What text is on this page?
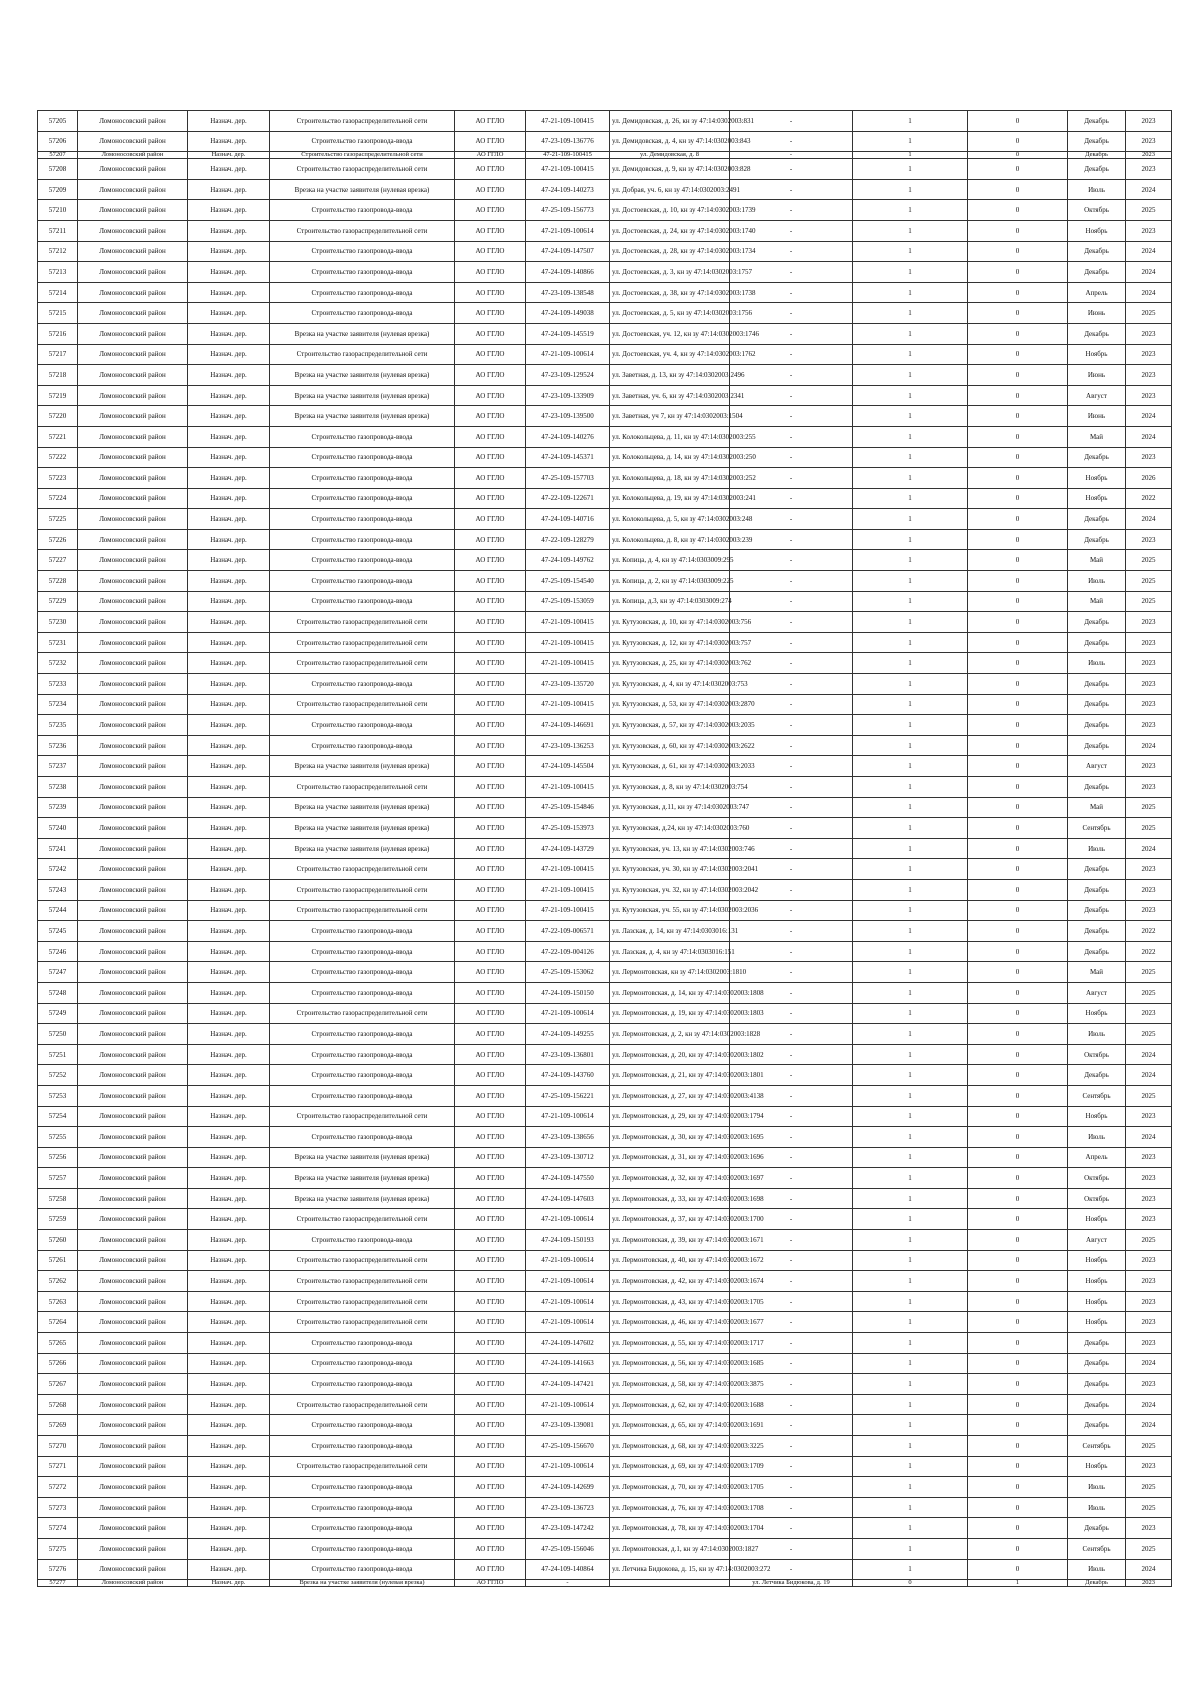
57205	Ломоносовский район	Назнач. дер.	Строительство газораспределительной сети	АО ГГЛО	47-21-109-100415	ул. Демидовская, д. 26, кн зу 47:14:0302003:831	-	1	0	Декабрь	2023
57206	Ломоносовский район	Назнач. дер.	Строительство газопровода-ввода	АО ГГЛО	47-23-109-136776	ул. Демидовская, д. 4, кн зу 47:14:0302003:843	-	1	0	Декабрь	2023
57207	Ломоносовский район	Назнач. дер.	Строительство газораспределительной сети	АО ГГЛО	47-21-109-100415	ул. Демидовская, д. 8	-	1	0	Декабрь	2023
57208	Ломоносовский район	Назнач. дер.	Строительство газораспределительной сети	АО ГГЛО	47-21-109-100415	ул. Демидовская, д. 9, кн зу 47:14:0302003:828	-	1	0	Декабрь	2023
57209	Ломоносовский район	Назнач. дер.	Врезка на участке заявителя (нулевая врезка)	АО ГГЛО	47-24-109-140273	ул. Добрая, уч. 6, кн зу 47:14:0302003:2491	-	1	0	Июль	2024
57210	Ломоносовский район	Назнач. дер.	Строительство газопровода-ввода	АО ГГЛО	47-25-109-156773	ул. Достоевская, д. 10, кн зу 47:14:0302003:1739	-	1	0	Октябрь	2025
57211	Ломоносовский район	Назнач. дер.	Строительство газораспределительной сети	АО ГГЛО	47-21-109-100614	ул. Достоевская, д. 24, кн зу 47:14:0302003:1740	-	1	0	Ноябрь	2023
57212	Ломоносовский район	Назнач. дер.	Строительство газопровода-ввода	АО ГГЛО	47-24-109-147507	ул. Достоевская, д. 28, кн зу 47:14:0302003:1734	-	1	0	Декабрь	2024
57213	Ломоносовский район	Назнач. дер.	Строительство газопровода-ввода	АО ГГЛО	47-24-109-140866	ул. Достоевская, д. 3, кн зу 47:14:0302003:1757	-	1	0	Декабрь	2024
57214	Ломоносовский район	Назнач. дер.	Строительство газопровода-ввода	АО ГГЛО	47-23-109-138548	ул. Достоевская, д. 38, кн зу 47:14:0302003:1738	-	1	0	Апрель	2024
57215	Ломоносовский район	Назнач. дер.	Строительство газопровода-ввода	АО ГГЛО	47-24-109-149038	ул. Достоевская, д. 5, кн зу 47:14:0302003:1756	-	1	0	Июнь	2025
57216	Ломоносовский район	Назнач. дер.	Врезка на участке заявителя (нулевая врезка)	АО ГГЛО	47-24-109-145519	ул. Достоевская, уч. 12, кн зу 47:14:0302003:1746	-	1	0	Декабрь	2023
57217	Ломоносовский район	Назнач. дер.	Строительство газораспределительной сети	АО ГГЛО	47-21-109-100614	ул. Достоевская, уч. 4, кн зу 47:14:0302003:1762	-	1	0	Ноябрь	2023
57218	Ломоносовский район	Назнач. дер.	Врезка на участке заявителя (нулевая врезка)	АО ГГЛО	47-23-109-129524	ул. Заветная, д. 13, кн зу 47:14:0302003:2496	-	1	0	Июнь	2023
57219	Ломоносовский район	Назнач. дер.	Врезка на участке заявителя (нулевая врезка)	АО ГГЛО	47-23-109-133909	ул. Заветная, уч. 6, кн зу 47:14:0302003:2341	-	1	0	Август	2023
57220	Ломоносовский район	Назнач. дер.	Врезка на участке заявителя (нулевая врезка)	АО ГГЛО	47-23-109-139500	ул. Заветная, уч 7, кн зу 47:14:0302003:1504	-	1	0	Июнь	2024
57221	Ломоносовский район	Назнач. дер.	Строительство газопровода-ввода	АО ГГЛО	47-24-109-140276	ул. Колокольцева, д. 11, кн зу 47:14:0302003:255	-	1	0	Май	2024
57222	Ломоносовский район	Назнач. дер.	Строительство газопровода-ввода	АО ГГЛО	47-24-109-145371	ул. Колокольцева, д. 14, кн зу 47:14:0302003:250	-	1	0	Декабрь	2023
57223	Ломоносовский район	Назнач. дер.	Строительство газопровода-ввода	АО ГГЛО	47-25-109-157703	ул. Колокольцева, д. 18, кн зу 47:14:0302003:252	-	1	0	Ноябрь	2026
57224	Ломоносовский район	Назнач. дер.	Строительство газопровода-ввода	АО ГГЛО	47-22-109-122671	ул. Колокольцева, д. 19, кн зу 47:14:0302003:241	-	1	0	Ноябрь	2022
57225	Ломоносовский район	Назнач. дер.	Строительство газопровода-ввода	АО ГГЛО	47-24-109-140716	ул. Колокольцева, д. 5, кн зу 47:14:0302003:248	-	1	0	Декабрь	2024
57226	Ломоносовский район	Назнач. дер.	Строительство газопровода-ввода	АО ГГЛО	47-22-109-128279	ул. Колокольцева, д. 8, кн зу 47:14:0302003:239	-	1	0	Декабрь	2023
57227	Ломоносовский район	Назнач. дер.	Строительство газопровода-ввода	АО ГГЛО	47-24-109-149762	ул. Копица, д. 4, кн зу 47:14:0303009:295	-	1	0	Май	2025
57228	Ломоносовский район	Назнач. дер.	Строительство газопровода-ввода	АО ГГЛО	47-25-109-154540	ул. Копица, д. 2, кн зу 47:14:0303009:225	-	1	0	Июль	2025
57229	Ломоносовский район	Назнач. дер.	Строительство газопровода-ввода	АО ГГЛО	47-25-109-153059	ул. Копица, д.3, кн зу 47:14:0303009:274	-	1	0	Май	2025
57230	Ломоносовский район	Назнач. дер.	Строительство газораспределительной сети	АО ГГЛО	47-21-109-100415	ул. Кутузовская, д. 10, кн зу 47:14:0302003:756	-	1	0	Декабрь	2023
57231	Ломоносовский район	Назнач. дер.	Строительство газораспределительной сети	АО ГГЛО	47-21-109-100415	ул. Кутузовская, д. 12, кн зу 47:14:0302003:757	-	1	0	Декабрь	2023
57232	Ломоносовский район	Назнач. дер.	Строительство газораспределительной сети	АО ГГЛО	47-21-109-100415	ул. Кутузовская, д. 25, кн зу 47:14:0302003:762	-	1	0	Июль	2023
57233	Ломоносовский район	Назнач. дер.	Строительство газопровода-ввода	АО ГГЛО	47-23-109-135720	ул. Кутузовская, д. 4, кн зу 47:14:0302003:753	-	1	0	Декабрь	2023
57234	Ломоносовский район	Назнач. дер.	Строительство газораспределительной сети	АО ГГЛО	47-21-109-100415	ул. Кутузовская, д. 53, кн зу 47:14:0302003:2870	-	1	0	Декабрь	2023
57235	Ломоносовский район	Назнач. дер.	Строительство газопровода-ввода	АО ГГЛО	47-24-109-146691	ул. Кутузовская, д. 57, кн зу 47:14:0302003:2035	-	1	0	Декабрь	2023
57236	Ломоносовский район	Назнач. дер.	Строительство газопровода-ввода	АО ГГЛО	47-23-109-136253	ул. Кутузовская, д. 60, кн зу 47:14:0302003:2622	-	1	0	Декабрь	2024
57237	Ломоносовский район	Назнач. дер.	Врезка на участке заявителя (нулевая врезка)	АО ГГЛО	47-24-109-145504	ул. Кутузовская, д. 61, кн зу 47:14:0302003:2033	-	1	0	Август	2023
57238	Ломоносовский район	Назнач. дер.	Строительство газораспределительной сети	АО ГГЛО	47-21-109-100415	ул. Кутузовская, д. 8, кн зу 47:14:0302003:754	-	1	0	Декабрь	2023
57239	Ломоносовский район	Назнач. дер.	Врезка на участке заявителя (нулевая врезка)	АО ГГЛО	47-25-109-154846	ул. Кутузовская, д.11, кн зу 47:14:0302003:747	-	1	0	Май	2025
57240	Ломоносовский район	Назнач. дер.	Врезка на участке заявителя (нулевая врезка)	АО ГГЛО	47-25-109-153973	ул. Кутузовская, д.24, кн зу 47:14:0302003:760	-	1	0	Сентябрь	2025
57241	Ломоносовский район	Назнач. дер.	Врезка на участке заявителя (нулевая врезка)	АО ГГЛО	47-24-109-143729	ул. Кутузовская, уч. 13, кн зу 47:14:0302003:746	-	1	0	Июль	2024
57242	Ломоносовский район	Назнач. дер.	Строительство газораспределительной сети	АО ГГЛО	47-21-109-100415	ул. Кутузовская, уч. 30, кн зу 47:14:0302003:2041	-	1	0	Декабрь	2023
57243	Ломоносовский район	Назнач. дер.	Строительство газораспределительной сети	АО ГГЛО	47-21-109-100415	ул. Кутузовская, уч. 32, кн зу 47:14:0302003:2042	-	1	0	Декабрь	2023
57244	Ломоносовский район	Назнач. дер.	Строительство газораспределительной сети	АО ГГЛО	47-21-109-100415	ул. Кутузовская, уч. 55, кн зу 47:14:0302003:2036	-	1	0	Декабрь	2023
57245	Ломоносовский район	Назнач. дер.	Строительство газопровода-ввода	АО ГГЛО	47-22-109-006571	ул. Лазская, д. 14, кн зу 47:14:0303016:131	-	1	0	Декабрь	2022
57246	Ломоносовский район	Назнач. дер.	Строительство газопровода-ввода	АО ГГЛО	47-22-109-004126	ул. Лазская, д. 4, кн зу 47:14:0303016:151	-	1	0	Декабрь	2022
57247	Ломоносовский район	Назнач. дер.	Строительство газопровода-ввода	АО ГГЛО	47-25-109-153062	ул. Лермонтовская, кн зу 47:14:0302003:1810	-	1	0	Май	2025
57248	Ломоносовский район	Назнач. дер.	Строительство газопровода-ввода	АО ГГЛО	47-24-109-150150	ул. Лермонтовская, д. 14, кн зу 47:14:0302003:1808	-	1	0	Август	2025
57249	Ломоносовский район	Назнач. дер.	Строительство газораспределительной сети	АО ГГЛО	47-21-109-100614	ул. Лермонтовская, д. 19, кн зу 47:14:0302003:1803	-	1	0	Ноябрь	2023
57250	Ломоносовский район	Назнач. дер.	Строительство газопровода-ввода	АО ГГЛО	47-24-109-149255	ул. Лермонтовская, д. 2, кн зу 47:14:0302003:1828	-	1	0	Июль	2025
57251	Ломоносовский район	Назнач. дер.	Строительство газопровода-ввода	АО ГГЛО	47-23-109-136801	ул. Лермонтовская, д. 20, кн зу 47:14:0302003:1802	-	1	0	Октябрь	2024
57252	Ломоносовский район	Назнач. дер.	Строительство газопровода-ввода	АО ГГЛО	47-24-109-143760	ул. Лермонтовская, д. 21, кн зу 47:14:0302003:1801	-	1	0	Декабрь	2024
57253	Ломоносовский район	Назнач. дер.	Строительство газопровода-ввода	АО ГГЛО	47-25-109-156221	ул. Лермонтовская, д. 27, кн зу 47:14:0302003:4138	-	1	0	Сентябрь	2025
57254	Ломоносовский район	Назнач. дер.	Строительство газораспределительной сети	АО ГГЛО	47-21-109-100614	ул. Лермонтовская, д. 29, кн зу 47:14:0302003:1794	-	1	0	Ноябрь	2023
57255	Ломоносовский район	Назнач. дер.	Строительство газопровода-ввода	АО ГГЛО	47-23-109-138656	ул. Лермонтовская, д. 30, кн зу 47:14:0302003:1695	-	1	0	Июль	2024
57256	Ломоносовский район	Назнач. дер.	Врезка на участке заявителя (нулевая врезка)	АО ГГЛО	47-23-109-130712	ул. Лермонтовская, д. 31, кн зу 47:14:0302003:1696	-	1	0	Апрель	2023
57257	Ломоносовский район	Назнач. дер.	Врезка на участке заявителя (нулевая врезка)	АО ГГЛО	47-24-109-147550	ул. Лермонтовская, д. 32, кн зу 47:14:0302003:1697	-	1	0	Октябрь	2023
57258	Ломоносовский район	Назнач. дер.	Врезка на участке заявителя (нулевая врезка)	АО ГГЛО	47-24-109-147603	ул. Лермонтовская, д. 33, кн зу 47:14:0302003:1698	-	1	0	Октябрь	2023
57259	Ломоносовский район	Назнач. дер.	Строительство газораспределительной сети	АО ГГЛО	47-21-109-100614	ул. Лермонтовская, д. 37, кн зу 47:14:0302003:1700	-	1	0	Ноябрь	2023
57260	Ломоносовский район	Назнач. дер.	Строительство газопровода-ввода	АО ГГЛО	47-24-109-150193	ул. Лермонтовская, д. 39, кн зу 47:14:0302003:1671	-	1	0	Август	2025
57261	Ломоносовский район	Назнач. дер.	Строительство газораспределительной сети	АО ГГЛО	47-21-109-100614	ул. Лермонтовская, д. 40, кн зу 47:14:0302003:1672	-	1	0	Ноябрь	2023
57262	Ломоносовский район	Назнач. дер.	Строительство газораспределительной сети	АО ГГЛО	47-21-109-100614	ул. Лермонтовская, д. 42, кн зу 47:14:0302003:1674	-	1	0	Ноябрь	2023
57263	Ломоносовский район	Назнач. дер.	Строительство газораспределительной сети	АО ГГЛО	47-21-109-100614	ул. Лермонтовская, д. 43, кн зу 47:14:0302003:1705	-	1	0	Ноябрь	2023
57264	Ломоносовский район	Назнач. дер.	Строительство газораспределительной сети	АО ГГЛО	47-21-109-100614	ул. Лермонтовская, д. 46, кн зу 47:14:0302003:1677	-	1	0	Ноябрь	2023
57265	Ломоносовский район	Назнач. дер.	Строительство газопровода-ввода	АО ГГЛО	47-24-109-147602	ул. Лермонтовская, д. 55, кн зу 47:14:0302003:1717	-	1	0	Декабрь	2023
57266	Ломоносовский район	Назнач. дер.	Строительство газопровода-ввода	АО ГГЛО	47-24-109-141663	ул. Лермонтовская, д. 56, кн зу 47:14:0302003:1685	-	1	0	Декабрь	2024
57267	Ломоносовский район	Назнач. дер.	Строительство газопровода-ввода	АО ГГЛО	47-24-109-147421	ул. Лермонтовская, д. 58, кн зу 47:14:0302003:3875	-	1	0	Декабрь	2023
57268	Ломоносовский район	Назнач. дер.	Строительство газораспределительной сети	АО ГГЛО	47-21-109-100614	ул. Лермонтовская, д. 62, кн зу 47:14:0302003:1688	-	1	0	Декабрь	2024
57269	Ломоносовский район	Назнач. дер.	Строительство газопровода-ввода	АО ГГЛО	47-23-109-139081	ул. Лермонтовская, д. 65, кн зу 47:14:0302003:1691	-	1	0	Декабрь	2024
57270	Ломоносовский район	Назнач. дер.	Строительство газопровода-ввода	АО ГГЛО	47-25-109-156670	ул. Лермонтовская, д. 68, кн зу 47:14:0302003:3225	-	1	0	Сентябрь	2025
57271	Ломоносовский район	Назнач. дер.	Строительство газораспределительной сети	АО ГГЛО	47-21-109-100614	ул. Лермонтовская, д. 69, кн зу 47:14:0302003:1709	-	1	0	Ноябрь	2023
57272	Ломоносовский район	Назнач. дер.	Строительство газопровода-ввода	АО ГГЛО	47-24-109-142699	ул. Лермонтовская, д. 70, кн зу 47:14:0302003:1705	-	1	0	Июль	2025
57273	Ломоносовский район	Назнач. дер.	Строительство газопровода-ввода	АО ГГЛО	47-23-109-136723	ул. Лермонтовская, д. 76, кн зу 47:14:0302003:1708	-	1	0	Июль	2025
57274	Ломоносовский район	Назнач. дер.	Строительство газопровода-ввода	АО ГГЛО	47-23-109-147242	ул. Лермонтовская, д. 78, кн зу 47:14:0302003:1704	-	1	0	Декабрь	2023
57275	Ломоносовский район	Назнач. дер.	Строительство газопровода-ввода	АО ГГЛО	47-25-109-156046	ул. Лермонтовская, д.1, кн зу 47:14:0302003:1827	-	1	0	Сентябрь	2025
57276	Ломоносовский район	Назнач. дер.	Строительство газопровода-ввода	АО ГГЛО	47-24-109-140864	ул. Летчика Бидюкова, д. 15, кн зу 47:14:0302003:272	-	1	0	Июль	2024
57277	Ломоносовский район	Назнач. дер.	Врезка на участке заявителя (нулевая врезка)	АО ГГЛО	-		ул. Летчика Бидюкова, д. 19	0	1	Декабрь	2023
